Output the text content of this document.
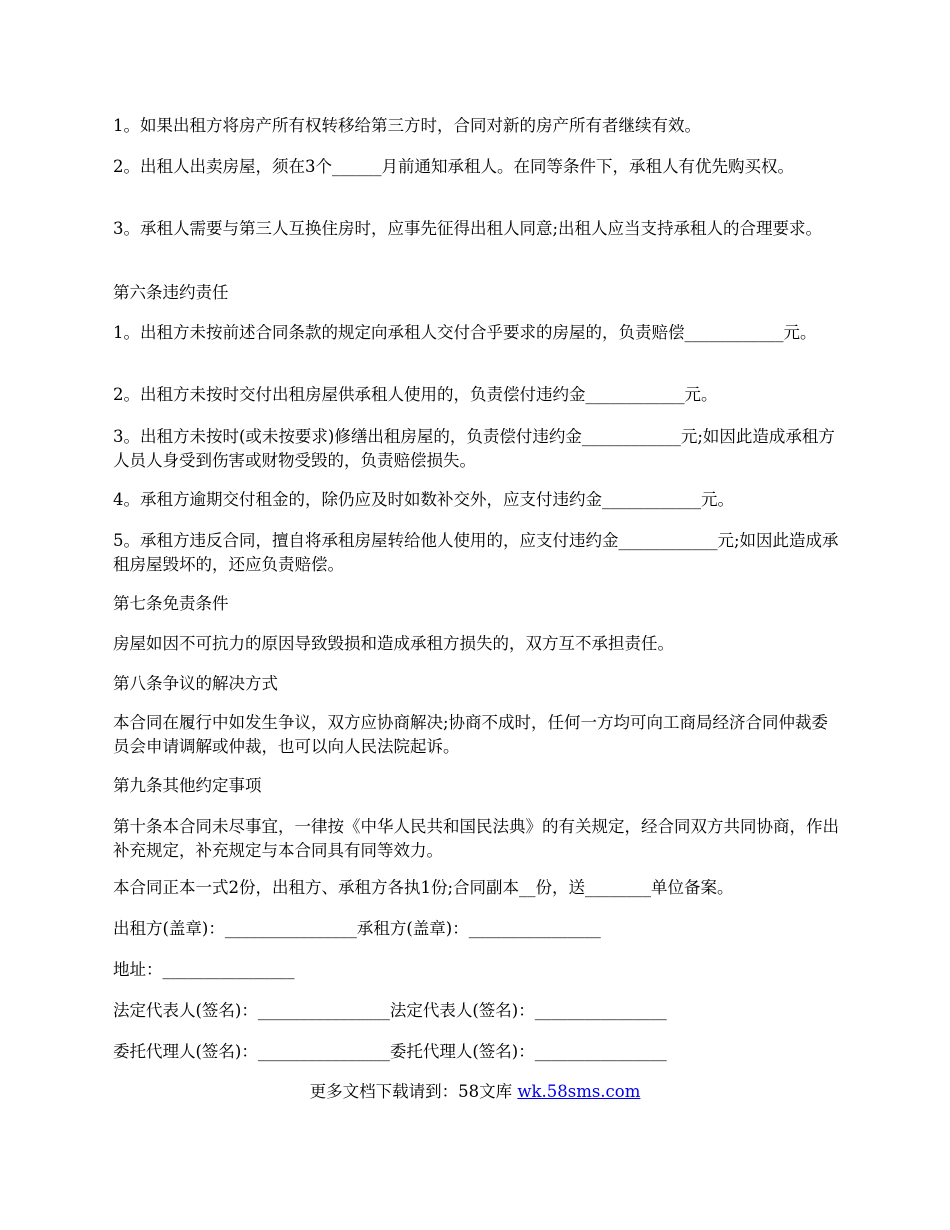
1。如果出租方将房产所有权转移给第三方时，合同对新的房产所有者继续有效。

2。出租人出卖房屋，须在3个______月前通知承租人。在同等条件下，承租人有优先购买权。

3。承租人需要与第三人互换住房时，应事先征得出租人同意;出租人应当支持承租人的合理要求。

第六条违约责任

1。出租方未按前述合同条款的规定向承租人交付合乎要求的房屋的，负责赔偿____________元。

2。出租方未按时交付出租房屋供承租人使用的，负责偿付违约金____________元。

3。出租方未按时(或未按要求)修缮出租房屋的，负责偿付违约金____________元;如因此造成承租方人员人身受到伤害或财物受毁的，负责赔偿损失。

4。承租方逾期交付租金的，除仍应及时如数补交外，应支付违约金____________元。

5。承租方违反合同，擅自将承租房屋转给他人使用的，应支付违约金____________元;如因此造成承租房屋毁坏的，还应负责赔偿。

第七条免责条件

房屋如因不可抗力的原因导致毁损和造成承租方损失的，双方互不承担责任。

第八条争议的解决方式

本合同在履行中如发生争议，双方应协商解决;协商不成时，任何一方均可向工商局经济合同仲裁委员会申请调解或仲裁，也可以向人民法院起诉。

第九条其他约定事项

第十条本合同未尽事宜，一律按《中华人民共和国民法典》的有关规定，经合同双方共同协商，作出补充规定，补充规定与本合同具有同等效力。

本合同正本一式2份，出租方、承租方各执1份;合同副本__份，送________单位备案。

出租方(盖章)：________________承租方(盖章)：________________

地址：________________

法定代表人(签名)：________________法定代表人(签名)：________________

委托代理人(签名)：________________委托代理人(签名)：________________

更多文档下载请到：58文库 wk.58sms.com
